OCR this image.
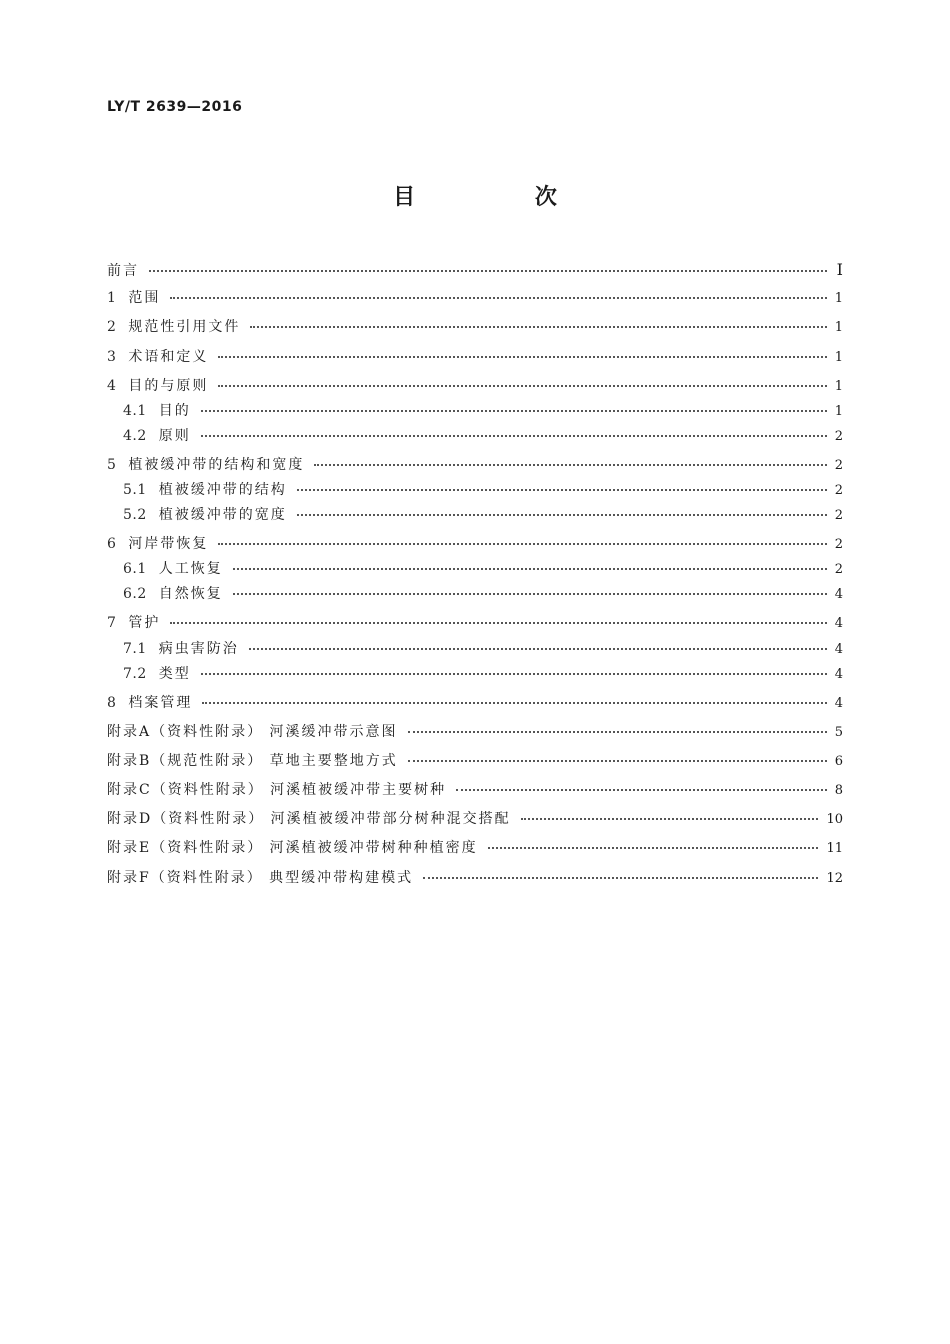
LY/T 2639—2016
目 次
前言	Ⅰ
1 范围	1
2 规范性引用文件	1
3 术语和定义	1
4 目的与原则	1
4.1 目的	1
4.2 原则	2
5 植被缓冲带的结构和宽度	2
5.1 植被缓冲带的结构	2
5.2 植被缓冲带的宽度	2
6 河岸带恢复	2
6.1 人工恢复	2
6.2 自然恢复	4
7 管护	4
7.1 病虫害防治	4
7.2 类型	4
8 档案管理	4
附录A（资料性附录） 河溪缓冲带示意图	5
附录B（规范性附录） 草地主要整地方式	6
附录C（资料性附录） 河溪植被缓冲带主要树种	8
附录D（资料性附录） 河溪植被缓冲带部分树种混交搭配	10
附录E（资料性附录） 河溪植被缓冲带树种种植密度	11
附录F（资料性附录） 典型缓冲带构建模式	12
